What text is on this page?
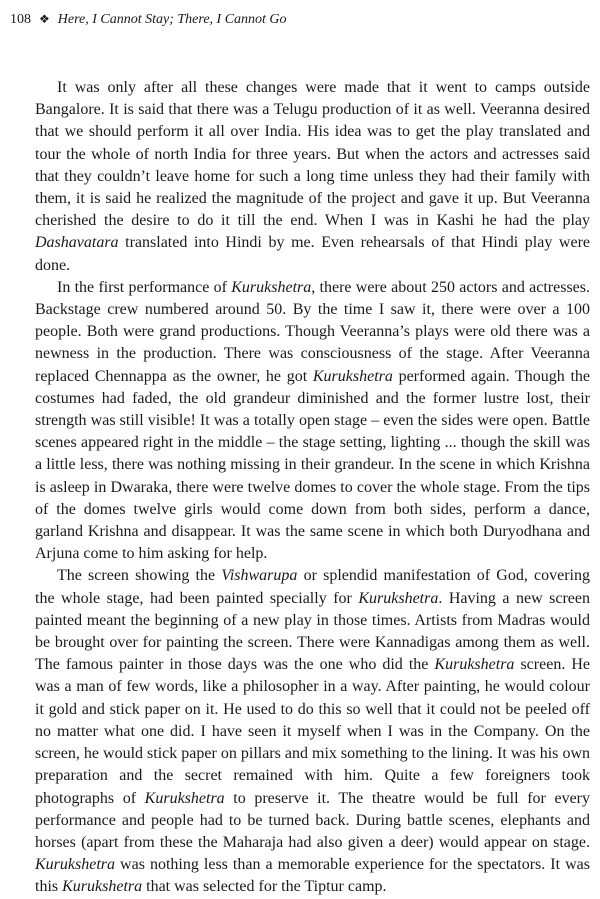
108 ❖ Here, I Cannot Stay; There, I Cannot Go

It was only after all these changes were made that it went to camps outside Bangalore. It is said that there was a Telugu production of it as well. Veeranna desired that we should perform it all over India. His idea was to get the play translated and tour the whole of north India for three years. But when the actors and actresses said that they couldn’t leave home for such a long time unless they had their family with them, it is said he realized the magnitude of the project and gave it up. But Veeranna cherished the desire to do it till the end. When I was in Kashi he had the play Dashavatara translated into Hindi by me. Even rehearsals of that Hindi play were done.

In the first performance of Kurukshetra, there were about 250 actors and actresses. Backstage crew numbered around 50. By the time I saw it, there were over a 100 people. Both were grand productions. Though Veeranna’s plays were old there was a newness in the production. There was consciousness of the stage. After Veeranna replaced Chennappa as the owner, he got Kurukshetra performed again. Though the costumes had faded, the old grandeur diminished and the former lustre lost, their strength was still visible! It was a totally open stage – even the sides were open. Battle scenes appeared right in the middle – the stage setting, lighting ... though the skill was a little less, there was nothing missing in their grandeur. In the scene in which Krishna is asleep in Dwaraka, there were twelve domes to cover the whole stage. From the tips of the domes twelve girls would come down from both sides, perform a dance, garland Krishna and disappear. It was the same scene in which both Duryodhana and Arjuna come to him asking for help.

The screen showing the Vishwarupa or splendid manifestation of God, covering the whole stage, had been painted specially for Kurukshetra. Having a new screen painted meant the beginning of a new play in those times. Artists from Madras would be brought over for painting the screen. There were Kannadigas among them as well. The famous painter in those days was the one who did the Kurukshetra screen. He was a man of few words, like a philosopher in a way. After painting, he would colour it gold and stick paper on it. He used to do this so well that it could not be peeled off no matter what one did. I have seen it myself when I was in the Company. On the screen, he would stick paper on pillars and mix something to the lining. It was his own preparation and the secret remained with him. Quite a few foreigners took photographs of Kurukshetra to preserve it. The theatre would be full for every performance and people had to be turned back. During battle scenes, elephants and horses (apart from these the Maharaja had also given a deer) would appear on stage. Kurukshetra was nothing less than a memorable experience for the spectators. It was this Kurukshetra that was selected for the Tiptur camp.
